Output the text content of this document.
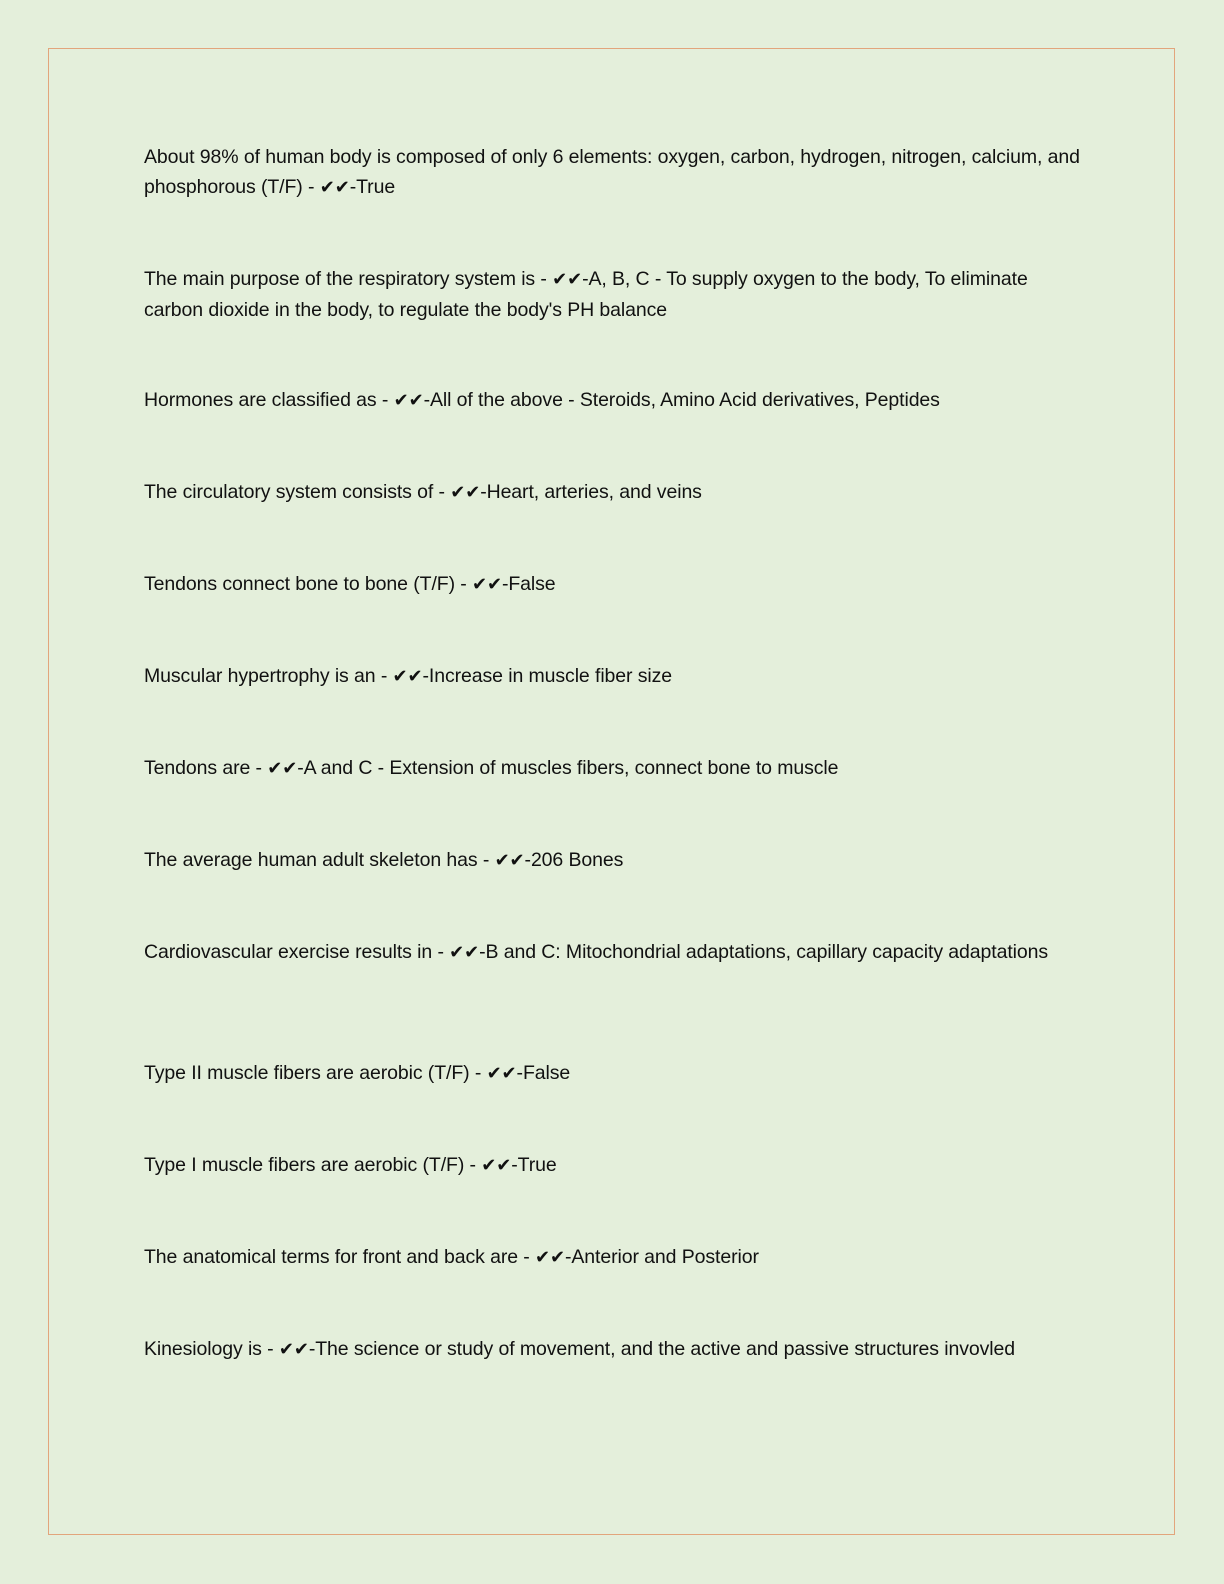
About 98% of human body is composed of only 6 elements: oxygen, carbon, hydrogen, nitrogen, calcium, and phosphorous (T/F) - ✔✔-True
The main purpose of the respiratory system is - ✔✔-A, B, C - To supply oxygen to the body, To eliminate carbon dioxide in the body, to regulate the body's PH balance
Hormones are classified as - ✔✔-All of the above - Steroids, Amino Acid derivatives, Peptides
The circulatory system consists of - ✔✔-Heart, arteries, and veins
Tendons connect bone to bone (T/F) - ✔✔-False
Muscular hypertrophy is an - ✔✔-Increase in muscle fiber size
Tendons are - ✔✔-A and C - Extension of muscles fibers, connect bone to muscle
The average human adult skeleton has - ✔✔-206 Bones
Cardiovascular exercise results in - ✔✔-B and C: Mitochondrial adaptations, capillary capacity adaptations
Type II muscle fibers are aerobic (T/F) - ✔✔-False
Type I muscle fibers are aerobic (T/F) - ✔✔-True
The anatomical terms for front and back are - ✔✔-Anterior and Posterior
Kinesiology is - ✔✔-The science or study of movement, and the active and passive structures invovled
